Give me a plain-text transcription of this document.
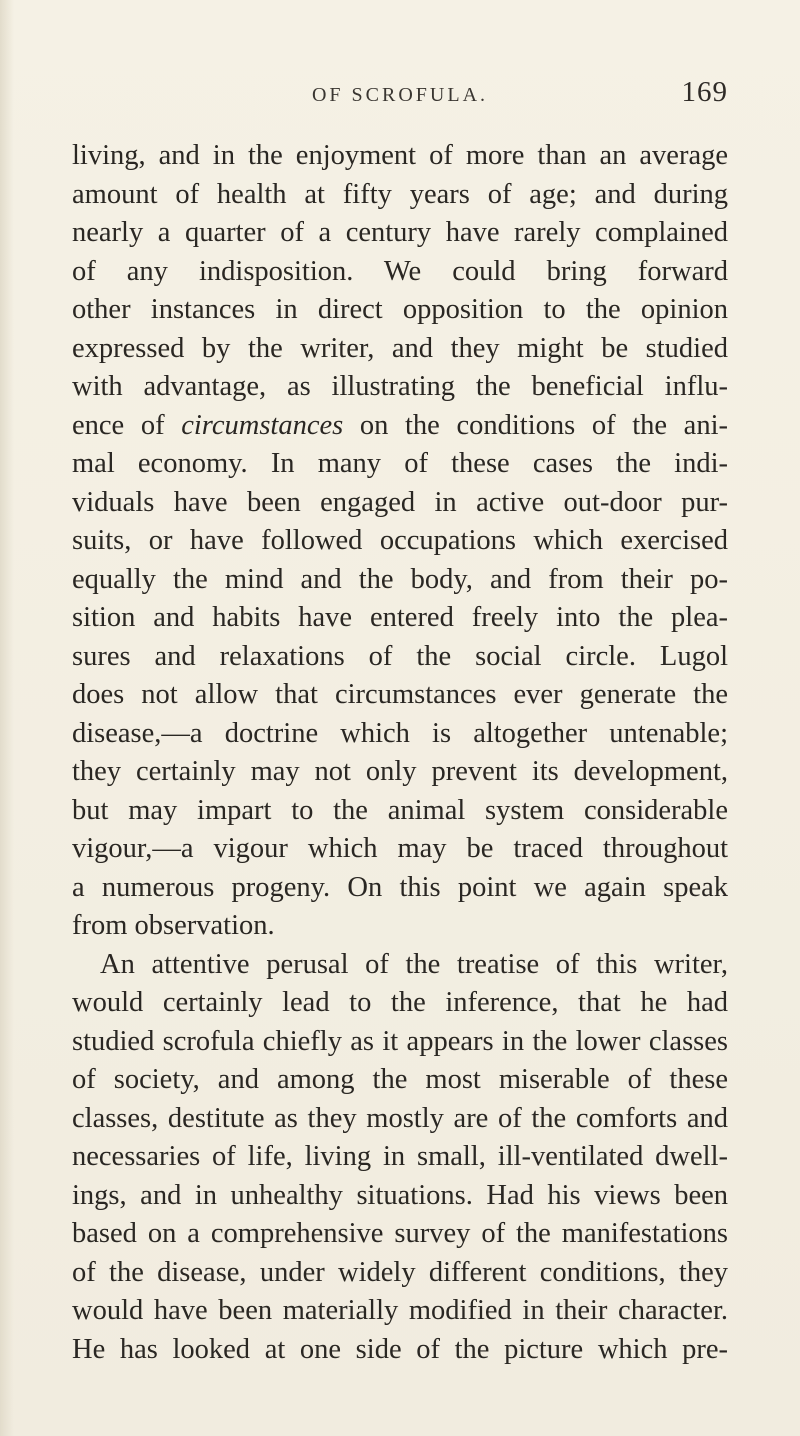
OF SCROFULA.	169
living, and in the enjoyment of more than an average
amount of health at fifty years of age; and during
nearly a quarter of a century have rarely complained
of any indisposition. We could bring forward
other instances in direct opposition to the opinion
expressed by the writer, and they might be studied
with advantage, as illustrating the beneficial influ-
ence of circumstances on the conditions of the ani-
mal economy. In many of these cases the indi-
viduals have been engaged in active out-door pur-
suits, or have followed occupations which exercised
equally the mind and the body, and from their po-
sition and habits have entered freely into the plea-
sures and relaxations of the social circle. Lugol
does not allow that circumstances ever generate the
disease,—a doctrine which is altogether untenable;
they certainly may not only prevent its development,
but may impart to the animal system considerable
vigour,—a vigour which may be traced throughout
a numerous progeny. On this point we again speak
from observation.
An attentive perusal of the treatise of this writer,
would certainly lead to the inference, that he had
studied scrofula chiefly as it appears in the lower classes
of society, and among the most miserable of these
classes, destitute as they mostly are of the comforts and
necessaries of life, living in small, ill-ventilated dwell-
ings, and in unhealthy situations. Had his views been
based on a comprehensive survey of the manifestations
of the disease, under widely different conditions, they
would have been materially modified in their character.
He has looked at one side of the picture which pre-
